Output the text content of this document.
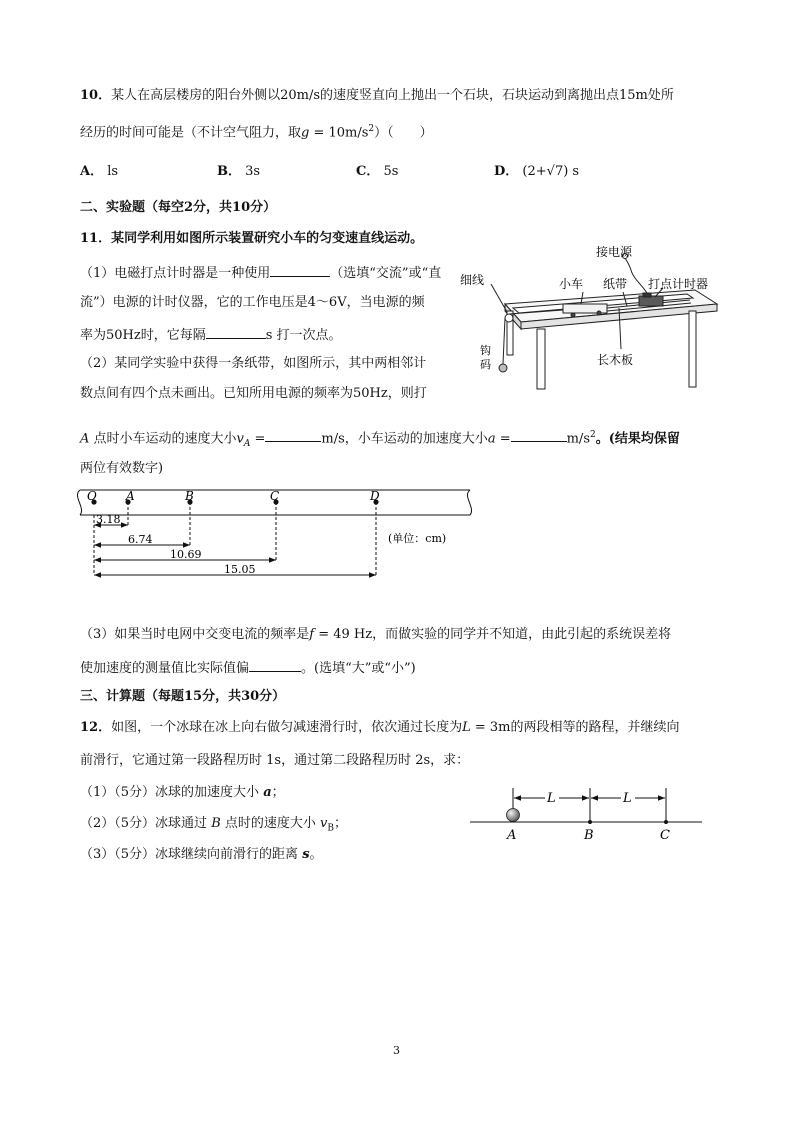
10．某人在高层楼房的阳台外侧以20m/s的速度竖直向上抛出一个石块，石块运动到离抛出点15m处所
经历的时间可能是（不计空气阻力，取$g = 10m/s^2$）（　　）
A． ls	B． 3s	C． 5s	D． (2+√7) s
二、实验题（每空2分，共10分）
11．某同学利用如图所示装置研究小车的匀变速直线运动。
（1）电磁打点计时器是一种使用	（选填“交流”或“直
流”）电源的计时仪器，它的工作电压是4～6V，当电源的频
率为50Hz时，它每隔	s 打一次点。
（2）某同学实验中获得一条纸带，如图所示，其中两相邻计
数点间有四个点未画出。已知所用电源的频率为50Hz，则打
A 点时小车运动的速度大小$v_A$ =	m/s，小车运动的加速度大小a =	$m/s^2$。(结果均保留
两位有效数字)
接电源
小车 纸带 打点计时器
细线
钩
码	长木板
O A	B	C	D
3.18
6.74
10.69
15.05
(单位：cm)
（3）如果当时电网中交变电流的频率是f = 49 Hz，而做实验的同学并不知道，由此引起的系统误差将
使加速度的测量值比实际值偏	。(选填“大”或“小”)
三、计算题（每题15分，共30分）
12．如图，一个冰球在冰上向右做匀减速滑行时，依次通过长度为L = 3m的两段相等的路程，并继续向
前滑行，它通过第一段路程历时 1s，通过第二段路程历时 2s，求：
（1）（5分）冰球的加速度大小 a；
（2）（5分）冰球通过 B 点时的速度大小 $v_B$；
（3）（5分）冰球继续向前滑行的距离 s。
L	L
A	B	C
3
